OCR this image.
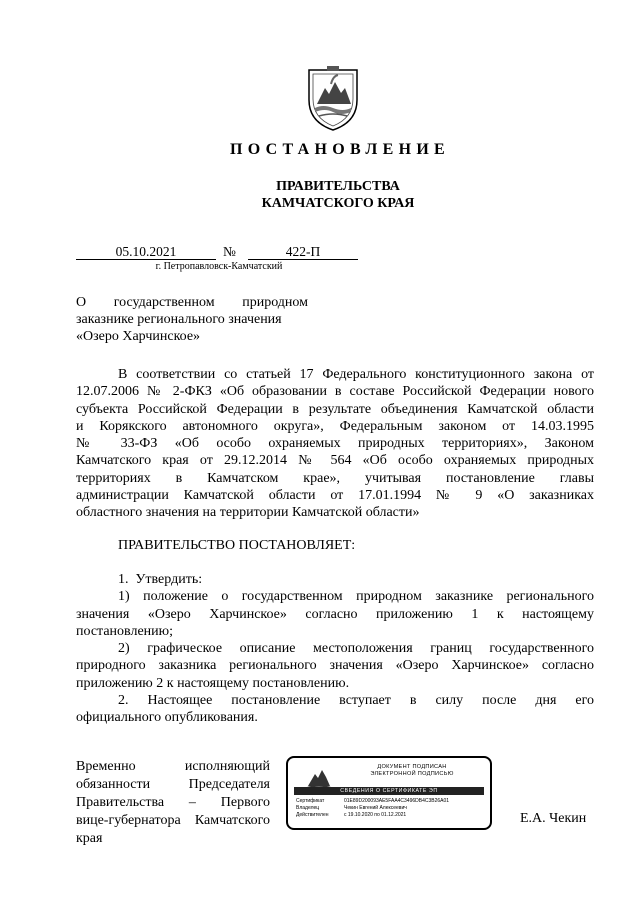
ПОСТАНОВЛЕНИЕ
ПРАВИТЕЛЬСТВА
КАМЧАТСКОГО КРАЯ
05.10.2021	№	422-П
г. Петропавловск-Камчатский
О     государственном     природном
заказнике регионального значения
«Озеро Харчинское»
В соответствии со статьей 17 Федерального конституционного закона от
12.07.2006 № 2-ФКЗ «Об образовании в составе Российской Федерации нового
субъекта Российской Федерации в результате объединения Камчатской области
и Корякского автономного округа», Федеральным законом от 14.03.1995
№ 33-ФЗ «Об особо охраняемых природных территориях», Законом
Камчатского края от 29.12.2014 № 564 «Об особо охраняемых природных
территориях в Камчатском крае», учитывая постановление главы
администрации Камчатской области от 17.01.1994 № 9 «О заказниках
областного значения на территории Камчатской области»
ПРАВИТЕЛЬСТВО ПОСТАНОВЛЯЕТ:
1.  Утвердить:
1) положение о государственном природном заказнике регионального
значения «Озеро Харчинское» согласно приложению 1 к настоящему
постановлению;
2) графическое описание местоположения границ государственного
природного заказника регионального значения «Озеро Харчинское» согласно
приложению 2 к настоящему постановлению.
2. Настоящее постановление вступает в силу после дня его
официального опубликования.
Временно исполняющий
обязанности Председателя
Правительства – Первого
вице-губернатора Камчатского
края
ДОКУМЕНТ ПОДПИСАН
ЭЛЕКТРОННОЙ ПОДПИСЬЮ
СВЕДЕНИЯ О СЕРТИФИКАТЕ ЭП
Сертификат	01E89D200093AE5FAA4C3496DB4C3B26A01
Владелец	Чекин Евгений Алексеевич
Действителен	с 19.10.2020 по 01.12.2021	Е.А. Чекин
